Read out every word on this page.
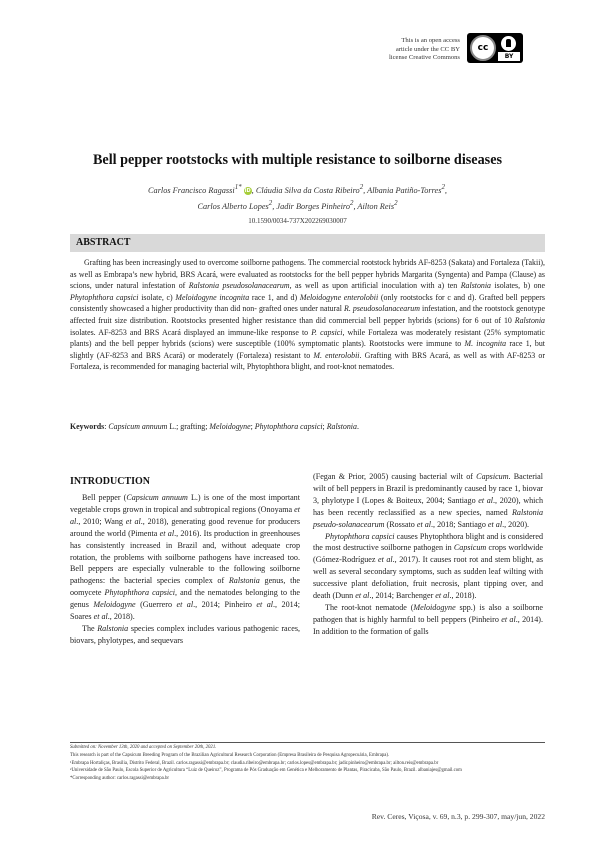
This is an open access
article under the CC BY
license Creative Commons
cc
BY
Bell pepper rootstocks with multiple resistance to soilborne diseases
Carlos Francisco Ragassi$^{1*}$ iD, Cláudia Silva da Costa Ribeiro$^2$, Albania Patiño-Torres$^2$,
Carlos Alberto Lopes$^2$, Jadir Borges Pinheiro$^2$, Ailton Reis$^2$
10.1590/0034-737X202269030007
ABSTRACT

Grafting has been increasingly used to overcome soilborne pathogens. The commercial rootstock hybrids AF-8253 (Sakata) and Fortaleza (Takii), as well as Embrapa’s new hybrid, BRS Acará, were evaluated as rootstocks for the bell pepper hybrids Margarita (Syngenta) and Pampa (Clause) as scions, under natural infestation of Ralstonia pseudosolanacearum, as well as upon artificial inoculation with a) ten Ralstonia isolates, b) one Phytophthora capsici isolate, c) Meloidogyne incognita race 1, and d) Meloidogyne enterolobii (only rootstocks for c and d). Grafted bell peppers consistently showcased a higher productivity than did non- grafted ones under natural R. pseudosolanacearum infestation, and the rootstock genotype affected fruit size distribution. Rootstocks presented higher resistance than did commercial bell pepper hybrids (scions) for 6 out of 10 Ralstonia isolates. AF-8253 and BRS Acará displayed an immune-like response to P. capsici, while Fortaleza was moderately resistant (25% symptomatic plants) and the bell pepper hybrids (scions) were susceptible (100% symptomatic plants). Rootstocks were immune to M. incognita race 1, but slightly (AF-8253 and BRS Acará) or moderately (Fortaleza) resistant to M. enterolobii. Grafting with BRS Acará, as well as with AF-8253 or Fortaleza, is recommended for managing bacterial wilt, Phytophthora blight, and root-knot nematodes.

Keywords: Capsicum annuum L.; grafting; Meloidogyne; Phytophthora capsici; Ralstonia.
INTRODUCTION

Bell pepper (Capsicum annuum L.) is one of the most important vegetable crops grown in tropical and subtropical regions (Onoyama et al., 2010; Wang et al., 2018), generating good revenue for producers around the world (Pimenta et al., 2016). Its production in greenhouses has consistently increased in Brazil and, without adequate crop rotation, the problems with soilborne pathogens have increased too. Bell peppers are especially vulnerable to the following soilborne pathogens: the bacterial species complex of Ralstonia genus, the oomycete Phytophthora capsici, and the nematodes belonging to the genus Meloidogyne (Guerrero et al., 2014; Pinheiro et al., 2014; Soares et al., 2018).

The Ralstonia species complex includes various pathogenic races, biovars, phylotypes, and sequevars

(Fegan & Prior, 2005) causing bacterial wilt of Capsicum. Bacterial wilt of bell peppers in Brazil is predominantly caused by race 1, biovar 3, phylotype I (Lopes & Boiteux, 2004; Santiago et al., 2020), which has been recently reclassified as a new species, named Ralstonia pseudo-solanacearum (Rossato et al., 2018; Santiago et al., 2020).

Phytophthora capsici causes Phytophthora blight and is considered the most destructive soilborne pathogen in Capsicum crops worldwide (Gómez-Rodríguez et al., 2017). It causes root rot and stem blight, as well as several secondary symptoms, such as sudden leaf wilting with successive plant defoliation, fruit necrosis, plant tipping over, and death (Dunn et al., 2014; Barchenger et al., 2018).

The root-knot nematode (Meloidogyne spp.) is also a soilborne pathogen that is highly harmful to bell peppers (Pinheiro et al., 2014). In addition to the formation of galls

Submitted on: November 13th, 2020 and accepted on September 20th, 2021.

This research is part of the Capsicum Breeding Program of the Brazilian Agricultural Research Corporation (Empresa Brasileira de Pesquisa Agropecuária, Embrapa).

¹Embrapa Hortaliças, Brasília, Distrito Federal, Brazil. carlos.ragassi@embrapa.br; claudia.ribeiro@embrapa.br; carlos.lopes@embrapa.br; jadir.pinheiro@embrapa.br; ailton.reis@embrapa.br

²Universidade de São Paulo, Escola Superior de Agricultura “Luiz de Queiroz”, Programa de Pós Graduação em Genética e Melhoramento de Plantas, Piracicaba, São Paulo, Brazil. albaniajes@gmail.com

*Corresponding author: carlos.ragassi@embrapa.br

Rev. Ceres, Viçosa, v. 69, n.3, p. 299-307, may/jun, 2022
